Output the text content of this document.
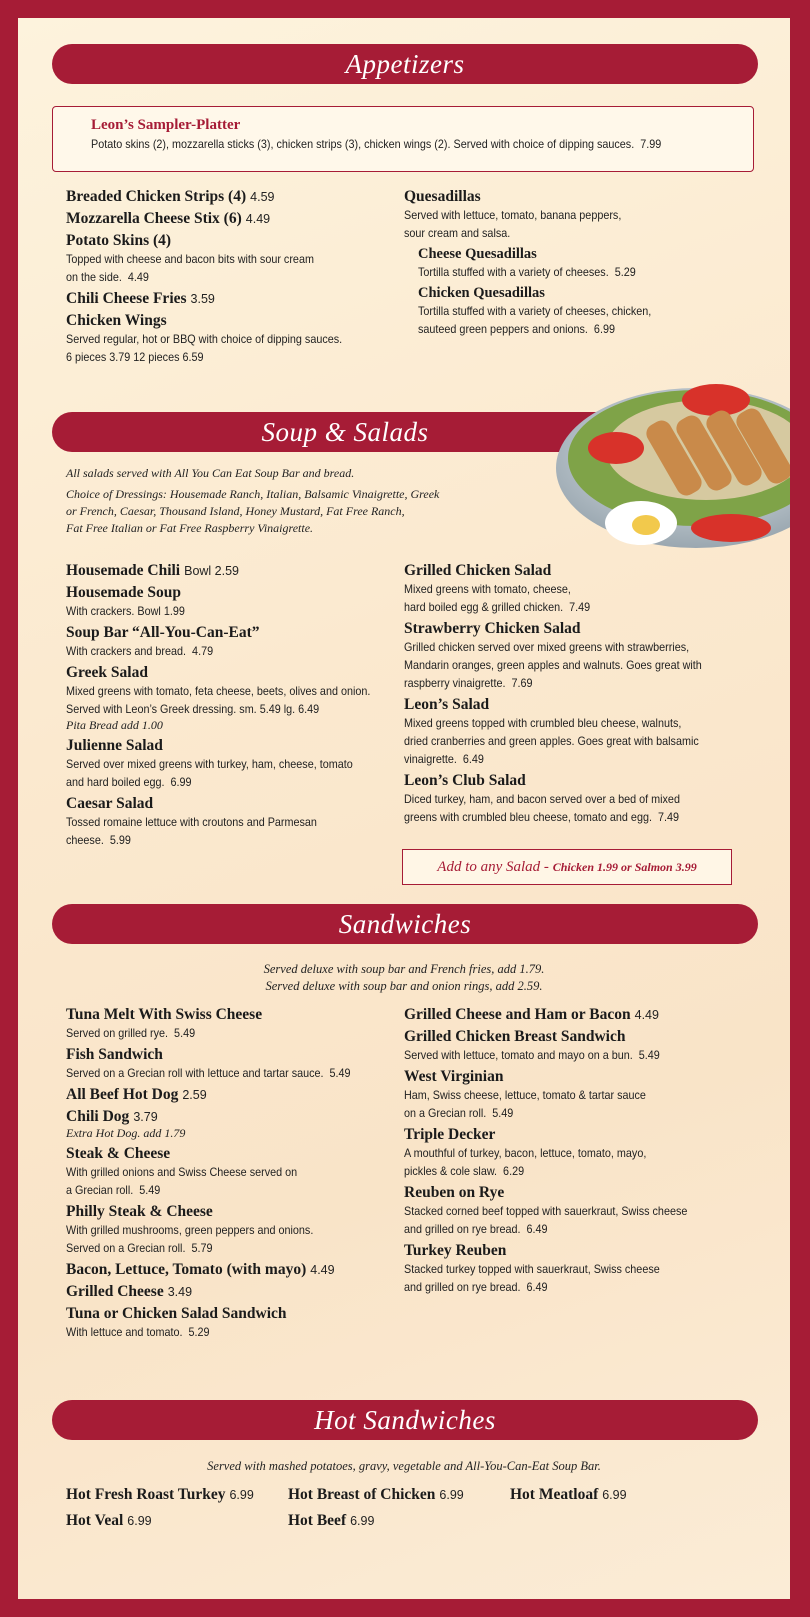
Appetizers
Leon’s Sampler-Platter
Potato skins (2), mozzarella sticks (3), chicken strips (3), chicken wings (2). Served with choice of dipping sauces. 7.99
Breaded Chicken Strips (4) 4.59
Mozzarella Cheese Stix (6) 4.49
Potato Skins (4)
Topped with cheese and bacon bits with sour cream
on the side. 4.49
Chili Cheese Fries 3.59
Chicken Wings
Served regular, hot or BBQ with choice of dipping sauces.
6 pieces 3.79 12 pieces 6.59
Quesadillas
Served with lettuce, tomato, banana peppers,
sour cream and salsa.
Cheese Quesadillas
Tortilla stuffed with a variety of cheeses. 5.29
Chicken Quesadillas
Tortilla stuffed with a variety of cheeses, chicken,
sauteed green peppers and onions. 6.99
Soup & Salads
All salads served with All You Can Eat Soup Bar and bread.
Choice of Dressings: Housemade Ranch, Italian, Balsamic Vinaigrette, Greek
or French, Caesar, Thousand Island, Honey Mustard, Fat Free Ranch,
Fat Free Italian or Fat Free Raspberry Vinaigrette.
Housemade Chili Bowl 2.59
Housemade Soup
With crackers. Bowl 1.99
Soup Bar “All-You-Can-Eat”
With crackers and bread. 4.79
Greek Salad
Mixed greens with tomato, feta cheese, beets, olives and onion.
Served with Leon’s Greek dressing. sm. 5.49 lg. 6.49
Pita Bread add 1.00
Julienne Salad
Served over mixed greens with turkey, ham, cheese, tomato
and hard boiled egg. 6.99
Caesar Salad
Tossed romaine lettuce with croutons and Parmesan
cheese. 5.99
Grilled Chicken Salad
Mixed greens with tomato, cheese,
hard boiled egg & grilled chicken. 7.49
Strawberry Chicken Salad
Grilled chicken served over mixed greens with strawberries,
Mandarin oranges, green apples and walnuts. Goes great with
raspberry vinaigrette. 7.69
Leon’s Salad
Mixed greens topped with crumbled bleu cheese, walnuts,
dried cranberries and green apples. Goes great with balsamic
vinaigrette. 6.49
Leon’s Club Salad
Diced turkey, ham, and bacon served over a bed of mixed
greens with crumbled bleu cheese, tomato and egg. 7.49
Add to any Salad - Chicken 1.99 or Salmon 3.99
Sandwiches
Served deluxe with soup bar and French fries, add 1.79.
Served deluxe with soup bar and onion rings, add 2.59.
Tuna Melt With Swiss Cheese
Served on grilled rye. 5.49
Fish Sandwich
Served on a Grecian roll with lettuce and tartar sauce. 5.49
All Beef Hot Dog 2.59
Chili Dog 3.79
Extra Hot Dog. add 1.79
Steak & Cheese
With grilled onions and Swiss Cheese served on
a Grecian roll. 5.49
Philly Steak & Cheese
With grilled mushrooms, green peppers and onions.
Served on a Grecian roll. 5.79
Bacon, Lettuce, Tomato (with mayo) 4.49
Grilled Cheese 3.49
Tuna or Chicken Salad Sandwich
With lettuce and tomato. 5.29
Grilled Cheese and Ham or Bacon 4.49
Grilled Chicken Breast Sandwich
Served with lettuce, tomato and mayo on a bun. 5.49
West Virginian
Ham, Swiss cheese, lettuce, tomato & tartar sauce
on a Grecian roll. 5.49
Triple Decker
A mouthful of turkey, bacon, lettuce, tomato, mayo,
pickles & cole slaw. 6.29
Reuben on Rye
Stacked corned beef topped with sauerkraut, Swiss cheese
and grilled on rye bread. 6.49
Turkey Reuben
Stacked turkey topped with sauerkraut, Swiss cheese
and grilled on rye bread. 6.49
Hot Sandwiches
Served with mashed potatoes, gravy, vegetable and All-You-Can-Eat Soup Bar.
Hot Fresh Roast Turkey 6.99 Hot Breast of Chicken 6.99	Hot Meatloaf 6.99
Hot Veal 6.99	Hot Beef 6.99
